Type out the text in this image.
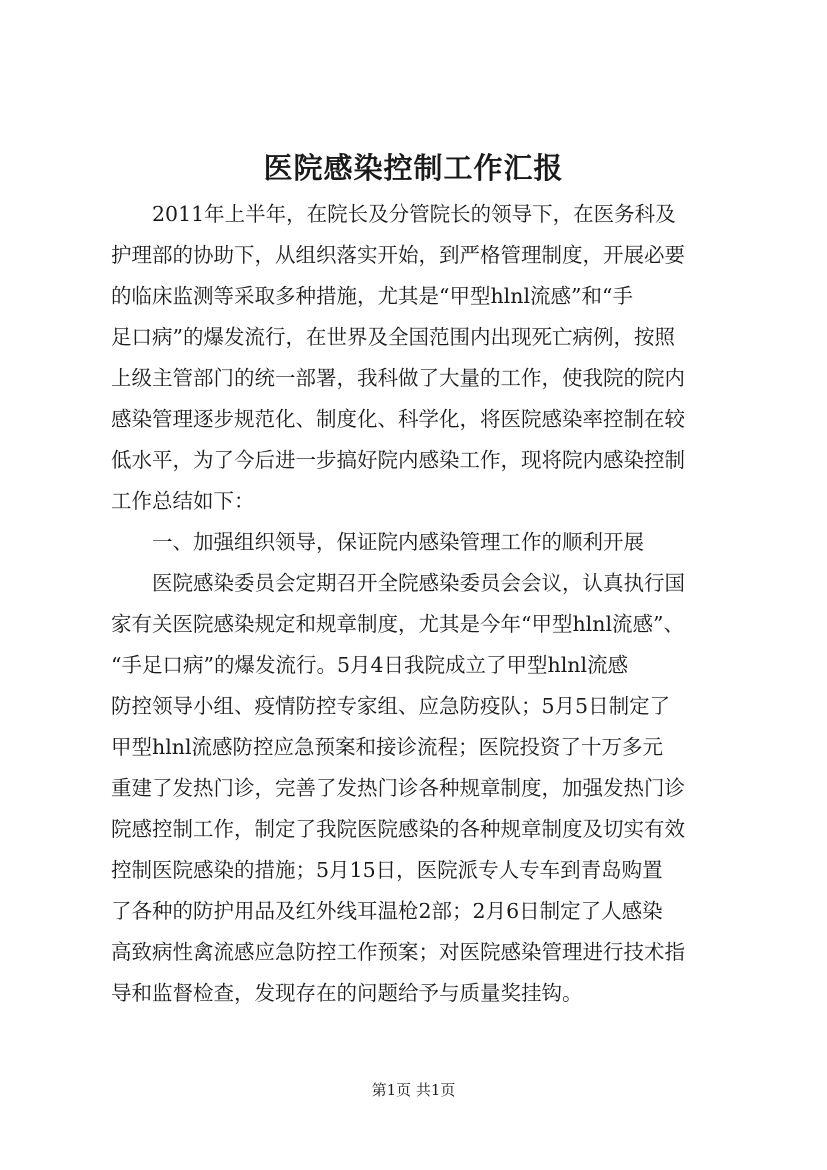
医院感染控制工作汇报

2011年上半年，在院长及分管院长的领导下，在医务科及

护理部的协助下，从组织落实开始，到严格管理制度，开展必要

的临床监测等采取多种措施，尤其是“甲型hlnl流感”和“手

足口病”的爆发流行，在世界及全国范围内出现死亡病例，按照

上级主管部门的统一部署，我科做了大量的工作，使我院的院内

感染管理逐步规范化、制度化、科学化，将医院感染率控制在较

低水平，为了今后进一步搞好院内感染工作，现将院内感染控制

工作总结如下：

一、加强组织领导，保证院内感染管理工作的顺利开展

医院感染委员会定期召开全院感染委员会会议，认真执行国

家有关医院感染规定和规章制度，尤其是今年“甲型hlnl流感”、

“手足口病”的爆发流行。5月4日我院成立了甲型hlnl流感

防控领导小组、疫情防控专家组、应急防疫队；5月5日制定了

甲型hlnl流感防控应急预案和接诊流程；医院投资了十万多元

重建了发热门诊，完善了发热门诊各种规章制度，加强发热门诊

院感控制工作，制定了我院医院感染的各种规章制度及切实有效

控制医院感染的措施；5月15日，医院派专人专车到青岛购置

了各种的防护用品及红外线耳温枪2部；2月6日制定了人感染

高致病性禽流感应急防控工作预案；对医院感染管理进行技术指

导和监督检查，发现存在的问题给予与质量奖挂钩。

第1页 共1页
